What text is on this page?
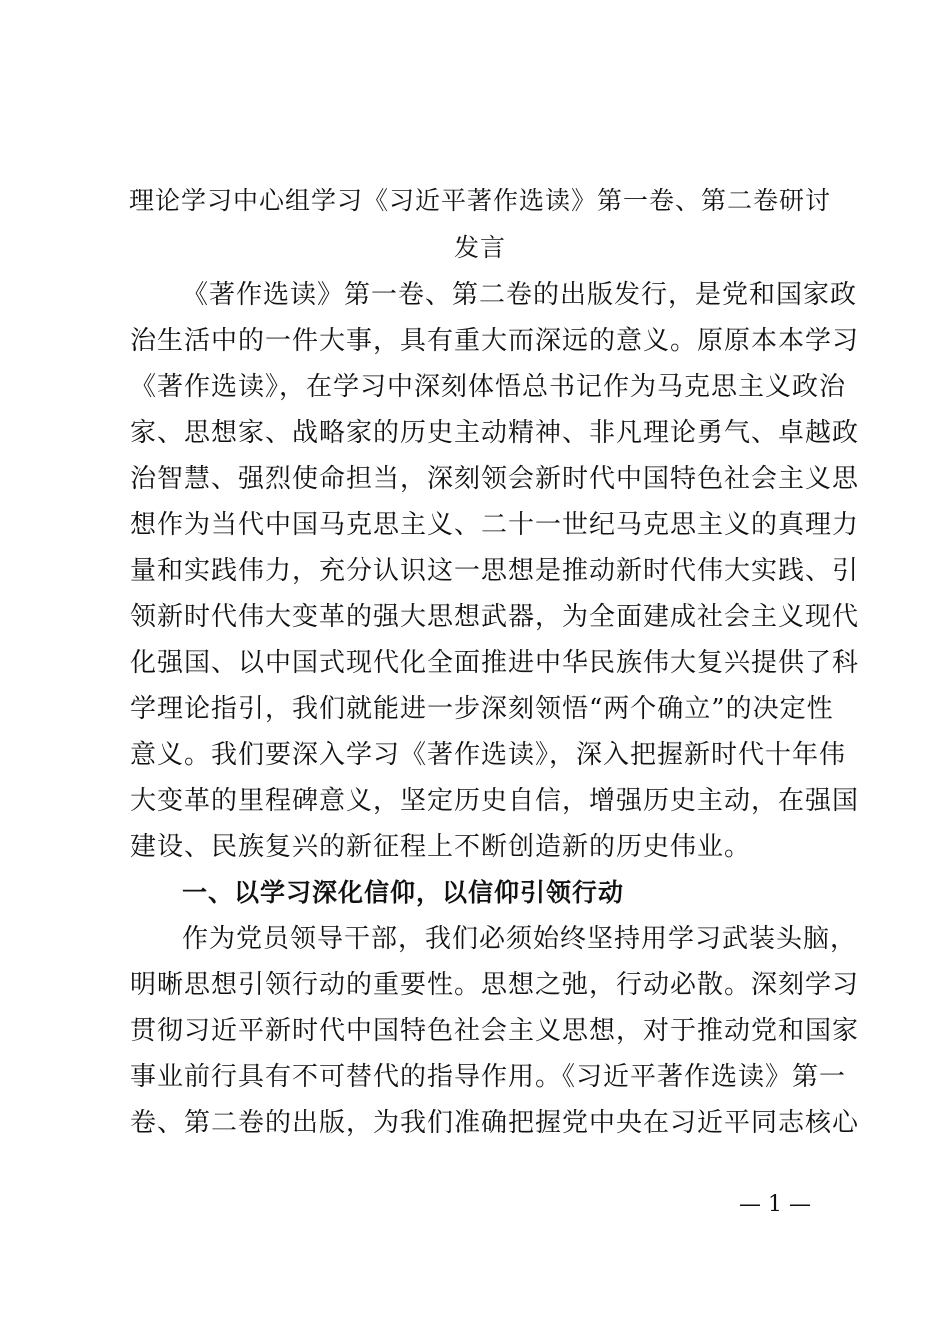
理论学习中心组学习《习近平著作选读》第一卷、第二卷研讨
发言
《著作选读》第一卷、第二卷的出版发行，是党和国家政
治生活中的一件大事，具有重大而深远的意义。原原本本学习
《著作选读》，在学习中深刻体悟总书记作为马克思主义政治
家、思想家、战略家的历史主动精神、非凡理论勇气、卓越政
治智慧、强烈使命担当，深刻领会新时代中国特色社会主义思
想作为当代中国马克思主义、二十一世纪马克思主义的真理力
量和实践伟力，充分认识这一思想是推动新时代伟大实践、引
领新时代伟大变革的强大思想武器，为全面建成社会主义现代
化强国、以中国式现代化全面推进中华民族伟大复兴提供了科
学理论指引，我们就能进一步深刻领悟“两个确立”的决定性
意义。我们要深入学习《著作选读》，深入把握新时代十年伟
大变革的里程碑意义，坚定历史自信，增强历史主动，在强国
建设、民族复兴的新征程上不断创造新的历史伟业。
一、以学习深化信仰，以信仰引领行动
作为党员领导干部，我们必须始终坚持用学习武装头脑，
明晰思想引领行动的重要性。思想之弛，行动必散。深刻学习
贯彻习近平新时代中国特色社会主义思想，对于推动党和国家
事业前行具有不可替代的指导作用。《习近平著作选读》第一
卷、第二卷的出版，为我们准确把握党中央在习近平同志核心
— 1 —
